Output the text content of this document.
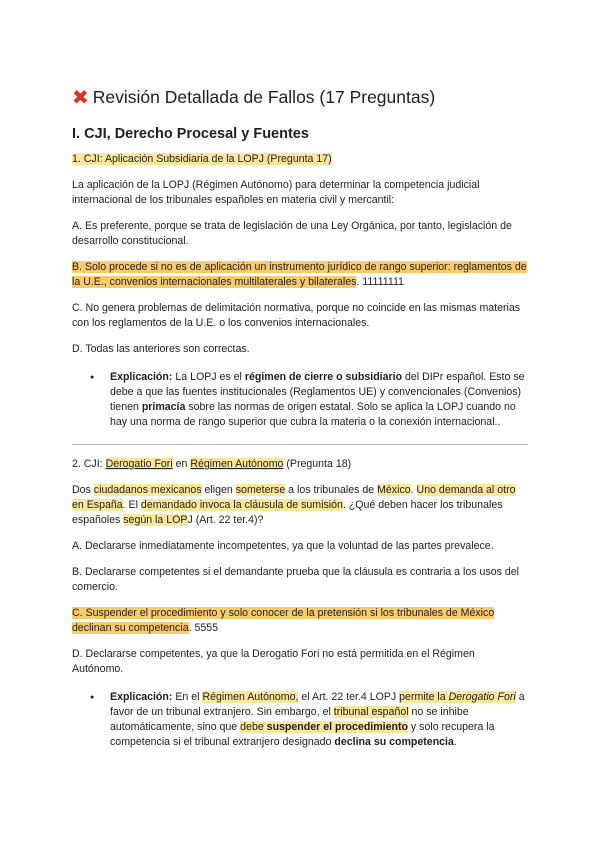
✖ Revisión Detallada de Fallos (17 Preguntas)
I. CJI, Derecho Procesal y Fuentes

1. CJI: Aplicación Subsidiaria de la LOPJ (Pregunta 17)

La aplicación de la LOPJ (Régimen Autónomo) para determinar la competencia judicial internacional de los tribunales españoles en materia civil y mercantil:

A. Es preferente, porque se trata de legislación de una Ley Orgánica, por tanto, legislación de desarrollo constitucional.

B. Solo procede si no es de aplicación un instrumento jurídico de rango superior: reglamentos de la U.E., convenios internacionales multilaterales y bilaterales. 11111111

C. No genera problemas de delimitación normativa, porque no coincide en las mismas materias con los reglamentos de la U.E. o los convenios internacionales.

D. Todas las anteriores son correctas.

● Explicación: La LOPJ es el régimen de cierre o subsidiario del DIPr español. Esto se debe a que las fuentes institucionales (Reglamentos UE) y convencionales (Convenios) tienen primacía sobre las normas de origen estatal. Solo se aplica la LOPJ cuando no hay una norma de rango superior que cubra la materia o la conexión internacional..

2. CJI: Derogatio Fori en Régimen Autónomo (Pregunta 18)

Dos ciudadanos mexicanos eligen someterse a los tribunales de México. Uno demanda al otro en España. El demandado invoca la cláusula de sumisión. ¿Qué deben hacer los tribunales españoles según la LOPJ (Art. 22 ter.4)?

A. Declararse inmediatamente incompetentes, ya que la voluntad de las partes prevalece.

B. Declararse competentes si el demandante prueba que la cláusula es contraria a los usos del comercio.

C. Suspender el procedimiento y solo conocer de la pretensión si los tribunales de México declinan su competencia. 5555

D. Declararse competentes, ya que la Derogatio Fori no está permitida en el Régimen Autónomo.

● Explicación: En el Régimen Autónomo, el Art. 22 ter.4 LOPJ permite la Derogatio Fori a favor de un tribunal extranjero. Sin embargo, el tribunal español no se inhibe automáticamente, sino que debe suspender el procedimiento y solo recupera la competencia si el tribunal extranjero designado declina su competencia.
